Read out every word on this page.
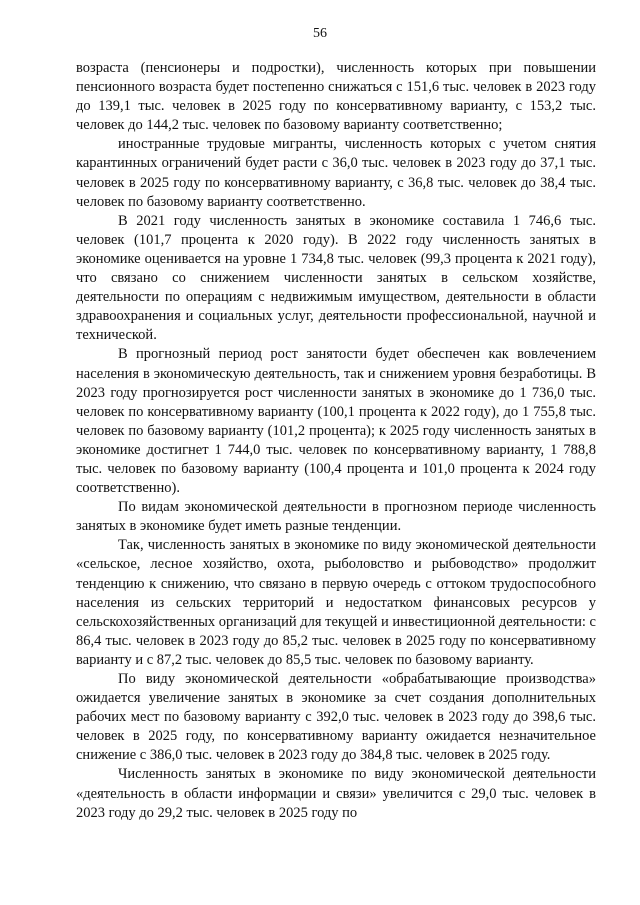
56

возраста (пенсионеры и подростки), численность которых при повышении пенсионного возраста будет постепенно снижаться с 151,6 тыс. человек в 2023 году до 139,1 тыс. человек в 2025 году по консервативному варианту, с 153,2 тыс. человек до 144,2 тыс. человек по базовому варианту соответственно;

иностранные трудовые мигранты, численность которых с учетом снятия карантинных ограничений будет расти с 36,0 тыс. человек в 2023 году до 37,1 тыс. человек в 2025 году по консервативному варианту, с 36,8 тыс. человек до 38,4 тыс. человек по базовому варианту соответственно.

В 2021 году численность занятых в экономике составила 1 746,6 тыс. человек (101,7 процента к 2020 году). В 2022 году численность занятых в экономике оценивается на уровне 1 734,8 тыс. человек (99,3 процента к 2021 году), что связано со снижением численности занятых в сельском хозяйстве, деятельности по операциям с недвижимым имуществом, деятельности в области здравоохранения и социальных услуг, деятельности профессиональной, научной и технической.

В прогнозный период рост занятости будет обеспечен как вовлечением населения в экономическую деятельность, так и снижением уровня безработицы. В 2023 году прогнозируется рост численности занятых в экономике до 1 736,0 тыс. человек по консервативному варианту (100,1 процента к 2022 году), до 1 755,8 тыс. человек по базовому варианту (101,2 процента); к 2025 году численность занятых в экономике достигнет 1 744,0 тыс. человек по консервативному варианту, 1 788,8 тыс. человек по базовому варианту (100,4 процента и 101,0 процента к 2024 году соответственно).

По видам экономической деятельности в прогнозном периоде численность занятых в экономике будет иметь разные тенденции.

Так, численность занятых в экономике по виду экономической деятельности «сельское, лесное хозяйство, охота, рыболовство и рыбоводство» продолжит тенденцию к снижению, что связано в первую очередь с оттоком трудоспособного населения из сельских территорий и недостатком финансовых ресурсов у сельскохозяйственных организаций для текущей и инвестиционной деятельности: с 86,4 тыс. человек в 2023 году до 85,2 тыс. человек в 2025 году по консервативному варианту и с 87,2 тыс. человек до 85,5 тыс. человек по базовому варианту.

По виду экономической деятельности «обрабатывающие производства» ожидается увеличение занятых в экономике за счет создания дополнительных рабочих мест по базовому варианту с 392,0 тыс. человек в 2023 году до 398,6 тыс. человек в 2025 году, по консервативному варианту ожидается незначительное снижение с 386,0 тыс. человек в 2023 году до 384,8 тыс. человек в 2025 году.

Численность занятых в экономике по виду экономической деятельности «деятельность в области информации и связи» увеличится с 29,0 тыс. человек в 2023 году до 29,2 тыс. человек в 2025 году по
